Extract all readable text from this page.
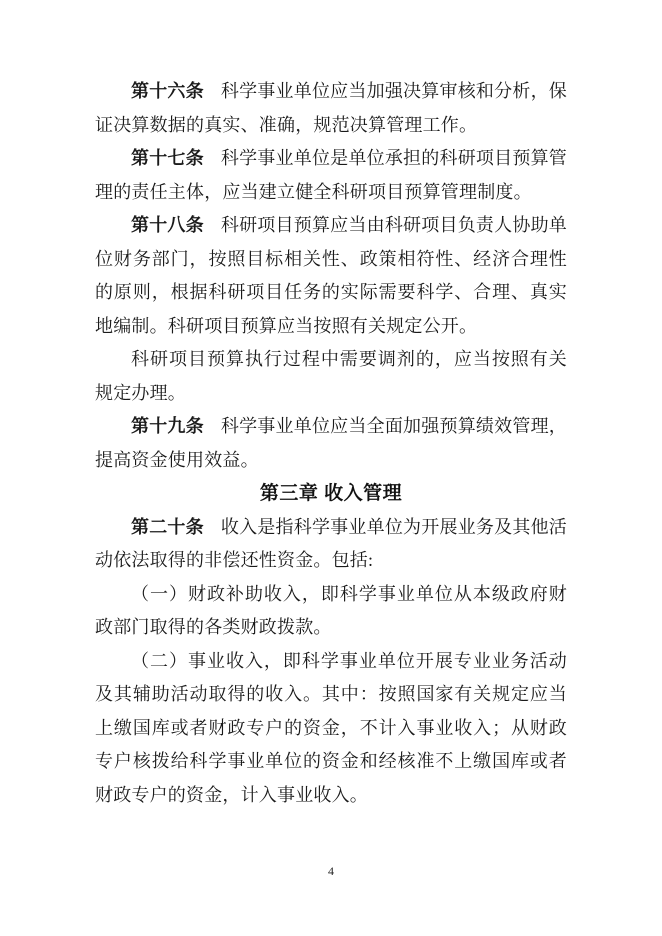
第十六条 科学事业单位应当加强决算审核和分析，保证决算数据的真实、准确，规范决算管理工作。

第十七条 科学事业单位是单位承担的科研项目预算管理的责任主体，应当建立健全科研项目预算管理制度。

第十八条 科研项目预算应当由科研项目负责人协助单位财务部门，按照目标相关性、政策相符性、经济合理性的原则，根据科研项目任务的实际需要科学、合理、真实地编制。科研项目预算应当按照有关规定公开。

科研项目预算执行过程中需要调剂的，应当按照有关规定办理。

第十九条 科学事业单位应当全面加强预算绩效管理，提高资金使用效益。

第三章 收入管理

第二十条 收入是指科学事业单位为开展业务及其他活动依法取得的非偿还性资金。包括:

（一）财政补助收入，即科学事业单位从本级政府财政部门取得的各类财政拨款。

（二）事业收入，即科学事业单位开展专业业务活动及其辅助活动取得的收入。其中：按照国家有关规定应当上缴国库或者财政专户的资金，不计入事业收入；从财政专户核拨给科学事业单位的资金和经核准不上缴国库或者财政专户的资金，计入事业收入。

4
